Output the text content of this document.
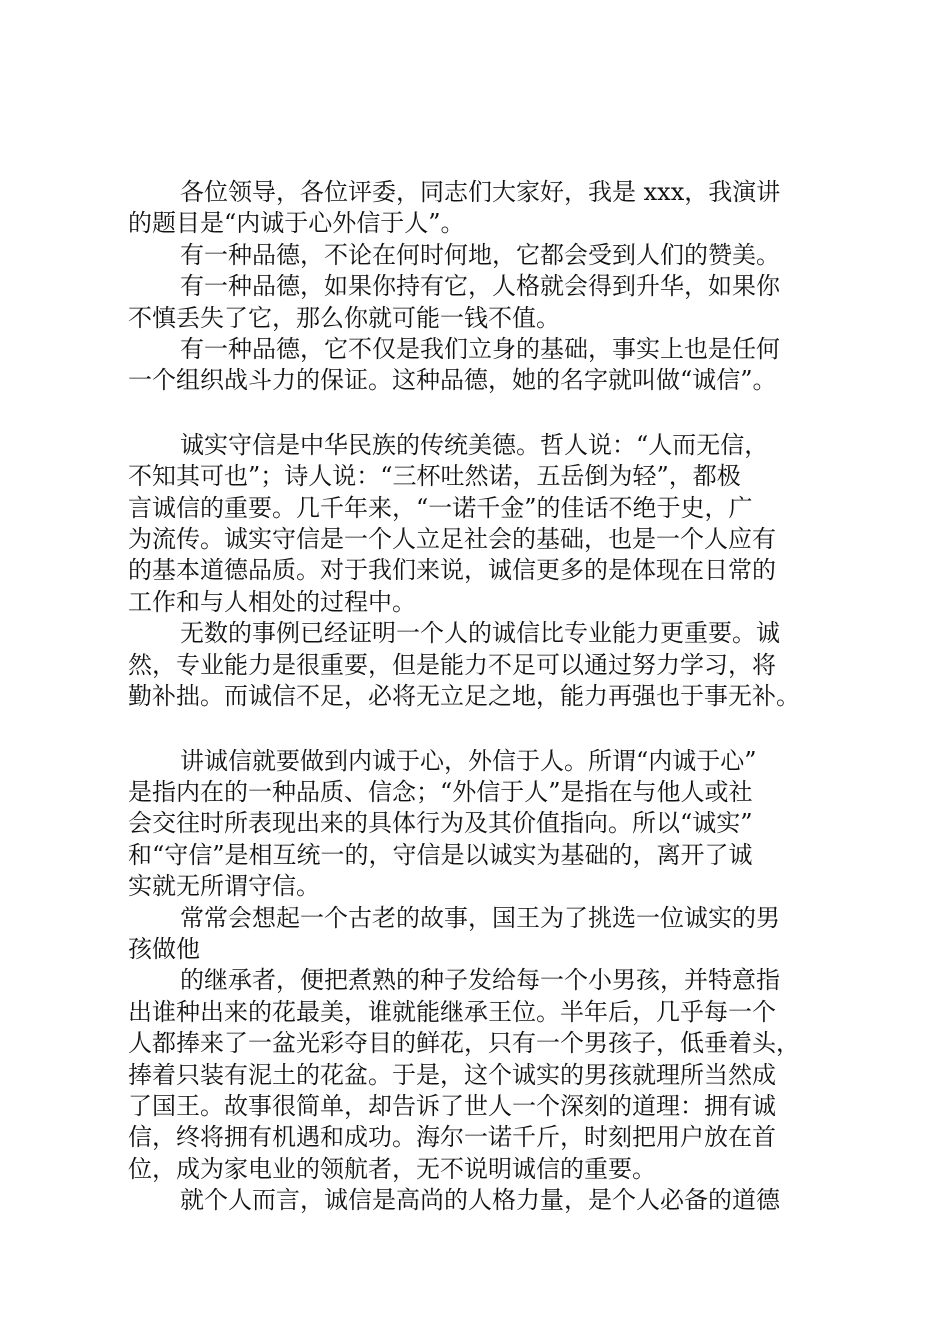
各位领导，各位评委，同志们大家好，我是 xxx，我演讲

的题目是“内诚于心外信于人”。

有一种品德，不论在何时何地，它都会受到人们的赞美。

有一种品德，如果你持有它，人格就会得到升华，如果你

不慎丢失了它，那么你就可能一钱不值。

有一种品德，它不仅是我们立身的基础，事实上也是任何

一个组织战斗力的保证。这种品德，她的名字就叫做“诚信”。

诚实守信是中华民族的传统美德。哲人说：“人而无信，

不知其可也”；诗人说：“三杯吐然诺，五岳倒为轻”，都极

言诚信的重要。几千年来，“一诺千金”的佳话不绝于史，广

为流传。诚实守信是一个人立足社会的基础，也是一个人应有

的基本道德品质。对于我们来说，诚信更多的是体现在日常的

工作和与人相处的过程中。

无数的事例已经证明一个人的诚信比专业能力更重要。诚

然，专业能力是很重要，但是能力不足可以通过努力学习，将

勤补拙。而诚信不足，必将无立足之地，能力再强也于事无补。

讲诚信就要做到内诚于心，外信于人。所谓“内诚于心”

是指内在的一种品质、信念；“外信于人”是指在与他人或社

会交往时所表现出来的具体行为及其价值指向。所以“诚实”

和“守信”是相互统一的，守信是以诚实为基础的，离开了诚

实就无所谓守信。

常常会想起一个古老的故事，国王为了挑选一位诚实的男

孩做他

的继承者，便把煮熟的种子发给每一个小男孩，并特意指

出谁种出来的花最美，谁就能继承王位。半年后，几乎每一个

人都捧来了一盆光彩夺目的鲜花，只有一个男孩子，低垂着头，

捧着只装有泥土的花盆。于是，这个诚实的男孩就理所当然成

了国王。故事很简单，却告诉了世人一个深刻的道理：拥有诚

信，终将拥有机遇和成功。海尔一诺千斤，时刻把用户放在首

位，成为家电业的领航者，无不说明诚信的重要。

就个人而言，诚信是高尚的人格力量，是个人必备的道德
